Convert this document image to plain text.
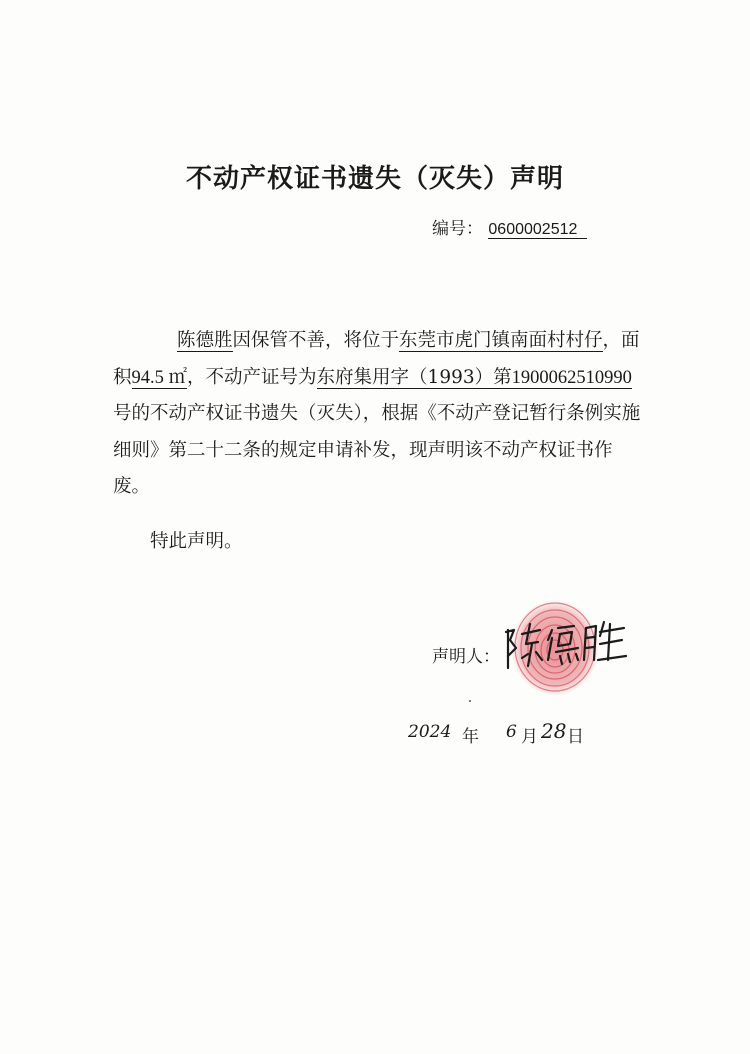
不动产权证书遗失（灭失）声明
编号： 0600002512
陈德胜因保管不善，将位于东莞市虎门镇南面村村仔，面积94.5 ㎡，不动产证号为东府集用字（1993）第1900062510990号的不动产权证书遗失（灭失），根据《不动产登记暂行条例实施细则》第二十二条的规定申请补发，现声明该不动产权证书作废。
特此声明。
声明人：
2024 年 6 月 28 日
